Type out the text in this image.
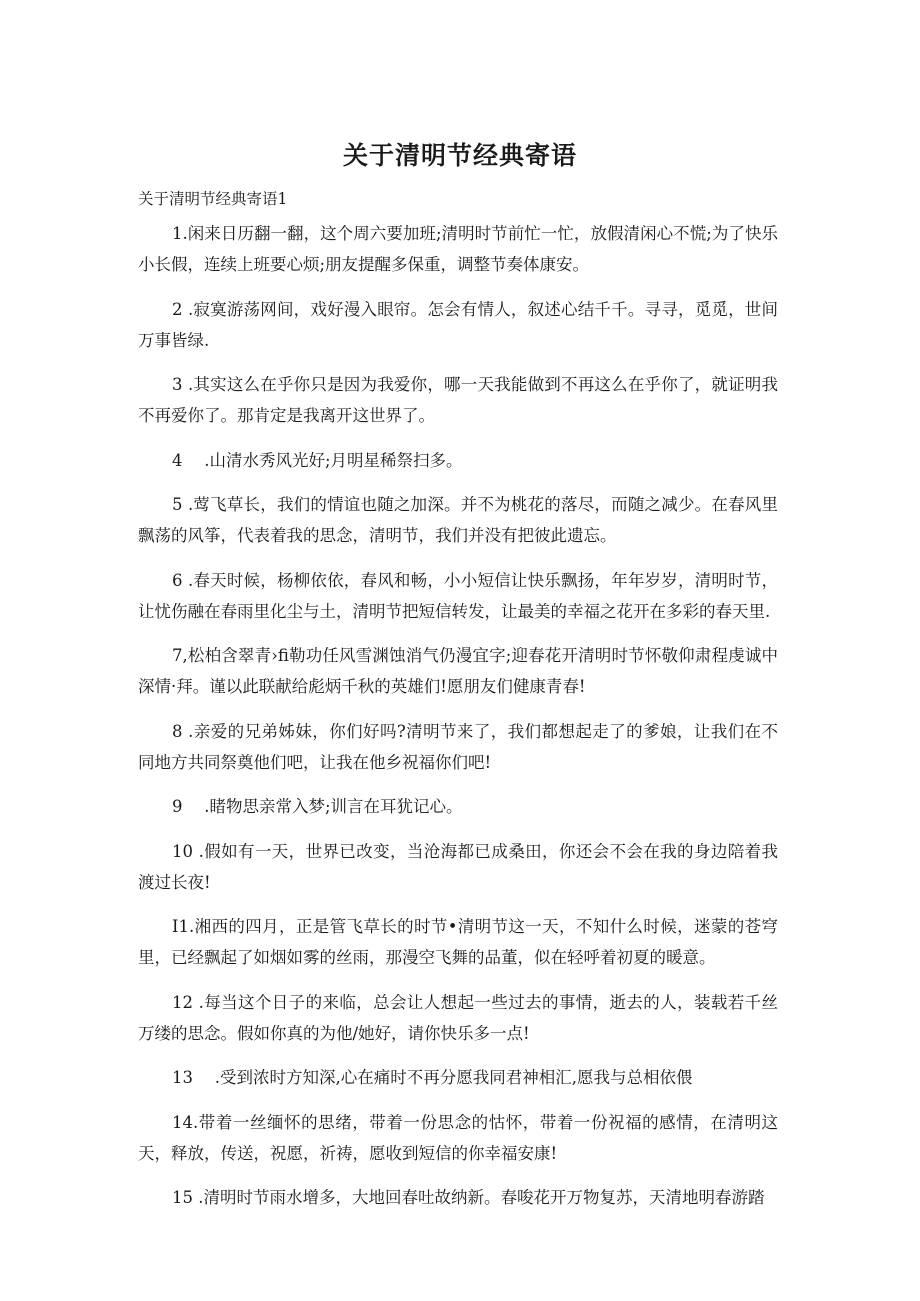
关于清明节经典寄语

关于清明节经典寄语1

1.闲来日历翻一翻，这个周六要加班;清明时节前忙一忙，放假清闲心不慌;为了快乐小长假，连续上班要心烦;朋友提醒多保重，调整节奏体康安。

2 .寂寞游荡网间，戏好漫入眼帘。怎会有情人，叙述心结千千。寻寻，觅觅，世间万事皆绿.

3 .其实这么在乎你只是因为我爱你，哪一天我能做到不再这么在乎你了，就证明我不再爱你了。那肯定是我离开这世界了。

4　 .山清水秀风光好;月明星稀祭扫多。

5 .莺飞草长，我们的情谊也随之加深。并不为桃花的落尽，而随之减少。在春风里飘荡的风筝，代表着我的思念，清明节，我们并没有把彼此遗忘。

6 .春天时候，杨柳依依，春风和畅，小小短信让快乐飘扬，年年岁岁，清明时节，让忧伤融在春雨里化尘与土，清明节把短信转发，让最美的幸福之花开在多彩的春天里.

7,松柏含翠青›fi勒功任风雪渊蚀消气仍漫宜字;迎春花开清明时节怀敬仰肃程虔诚中深情·拜。谨以此联献给彪炳千秋的英雄们!愿朋友们健康青春!

8 .亲爱的兄弟姊妹，你们好吗?清明节来了，我们都想起走了的爹娘，让我们在不同地方共同祭奠他们吧，让我在他乡祝福你们吧!

9　 .睹物思亲常入梦;训言在耳犹记心。

10 .假如有一天，世界已改变，当沧海都已成桑田，你还会不会在我的身边陪着我渡过长夜!

I1.湘西的四月，正是管飞草长的时节•清明节这一天，不知什么时候，迷蒙的苍穹里，已经飘起了如烟如雾的丝雨，那漫空飞舞的品董，似在轻呼着初夏的暖意。

12 .每当这个日子的来临，总会让人想起一些过去的事情，逝去的人，装载若千丝万缕的思念。假如你真的为他/她好，请你快乐多一点!

13　 .受到浓时方知深,心在痛时不再分愿我同君神相汇,愿我与总相依偎

14.带着一丝缅怀的思绪，带着一份思念的怙怀，带着一份祝福的感情，在清明这天，释放，传送，祝愿，祈祷，愿收到短信的你幸福安康!

15 .清明时节雨水增多，大地回春吐故纳新。春唆花开万物复苏，天清地明春游踏
